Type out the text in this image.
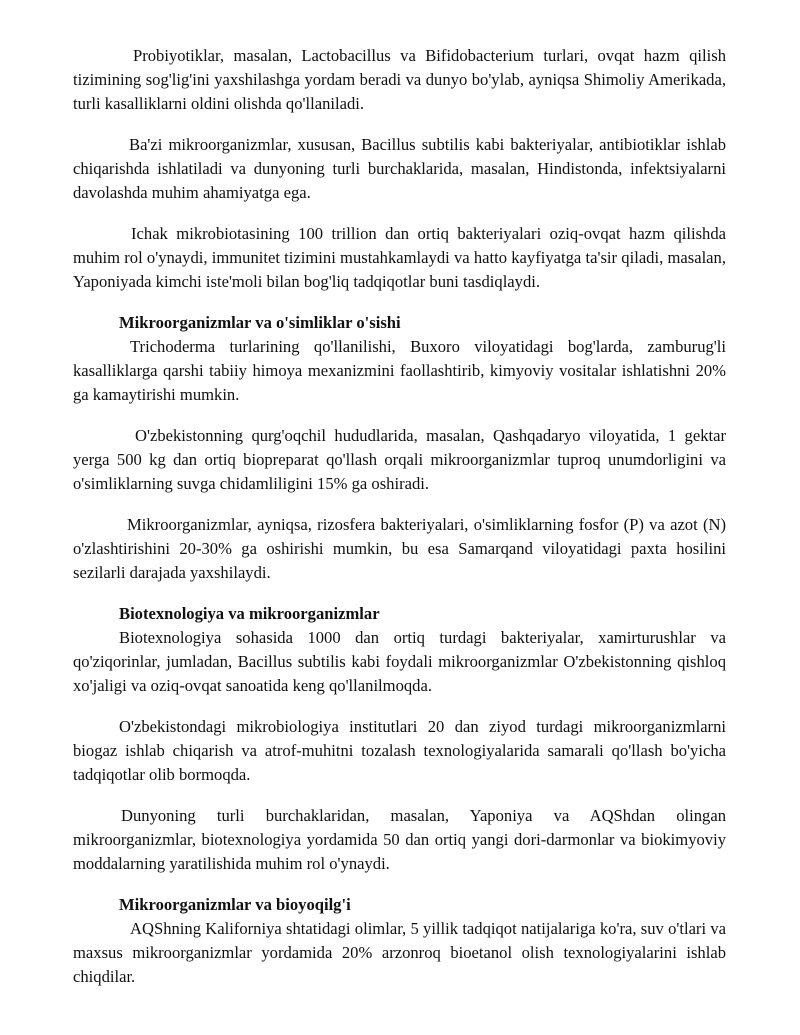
Probiyotiklar, masalan, Lactobacillus va Bifidobacterium turlari, ovqat hazm qilish tizimining sog'lig'ini yaxshilashga yordam beradi va dunyo bo'ylab, ayniqsa Shimoliy Amerikada, turli kasalliklarni oldini olishda qo'llaniladi.

Ba'zi mikroorganizmlar, xususan, Bacillus subtilis kabi bakteriyalar, antibiotiklar ishlab chiqarishda ishlatiladi va dunyoning turli burchaklarida, masalan, Hindistonda, infektsiyalarni davolashda muhim ahamiyatga ega.

Ichak mikrobiotasining 100 trillion dan ortiq bakteriyalari oziq-ovqat hazm qilishda muhim rol o'ynaydi, immunitet tizimini mustahkamlaydi va hatto kayfiyatga ta'sir qiladi, masalan, Yaponiyada kimchi iste'moli bilan bog'liq tadqiqotlar buni tasdiqlaydi.

Mikroorganizmlar va o'simliklar o'sishi

Trichoderma turlarining qo'llanilishi, Buxoro viloyatidagi bog'larda, zamburug'li kasalliklarga qarshi tabiiy himoya mexanizmini faollashtirib, kimyoviy vositalar ishlatishni 20% ga kamaytirishi mumkin.

O'zbekistonning qurg'oqchil hududlarida, masalan, Qashqadaryo viloyatida, 1 gektar yerga 500 kg dan ortiq biopreparat qo'llash orqali mikroorganizmlar tuproq unumdorligini va o'simliklarning suvga chidamliligini 15% ga oshiradi.

Mikroorganizmlar, ayniqsa, rizosfera bakteriyalari, o'simliklarning fosfor (P) va azot (N) o'zlashtirishini 20-30% ga oshirishi mumkin, bu esa Samarqand viloyatidagi paxta hosilini sezilarli darajada yaxshilaydi.

Biotexnologiya va mikroorganizmlar

Biotexnologiya sohasida 1000 dan ortiq turdagi bakteriyalar, xamirturushlar va qo'ziqorinlar, jumladan, Bacillus subtilis kabi foydali mikroorganizmlar O'zbekistonning qishloq xo'jaligi va oziq-ovqat sanoatida keng qo'llanilmoqda.

O'zbekistondagi mikrobiologiya institutlari 20 dan ziyod turdagi mikroorganizmlarni biogaz ishlab chiqarish va atrof-muhitni tozalash texnologiyalarida samarali qo'llash bo'yicha tadqiqotlar olib bormoqda.

Dunyoning turli burchaklaridan, masalan, Yaponiya va AQShdan olingan mikroorganizmlar, biotexnologiya yordamida 50 dan ortiq yangi dori-darmonlar va biokimyoviy moddalarning yaratilishida muhim rol o'ynaydi.

Mikroorganizmlar va bioyoqilg'i

AQShning Kaliforniya shtatidagi olimlar, 5 yillik tadqiqot natijalariga ko'ra, suv o'tlari va maxsus mikroorganizmlar yordamida 20% arzonroq bioetanol olish texnologiyalarini ishlab chiqdilar.
